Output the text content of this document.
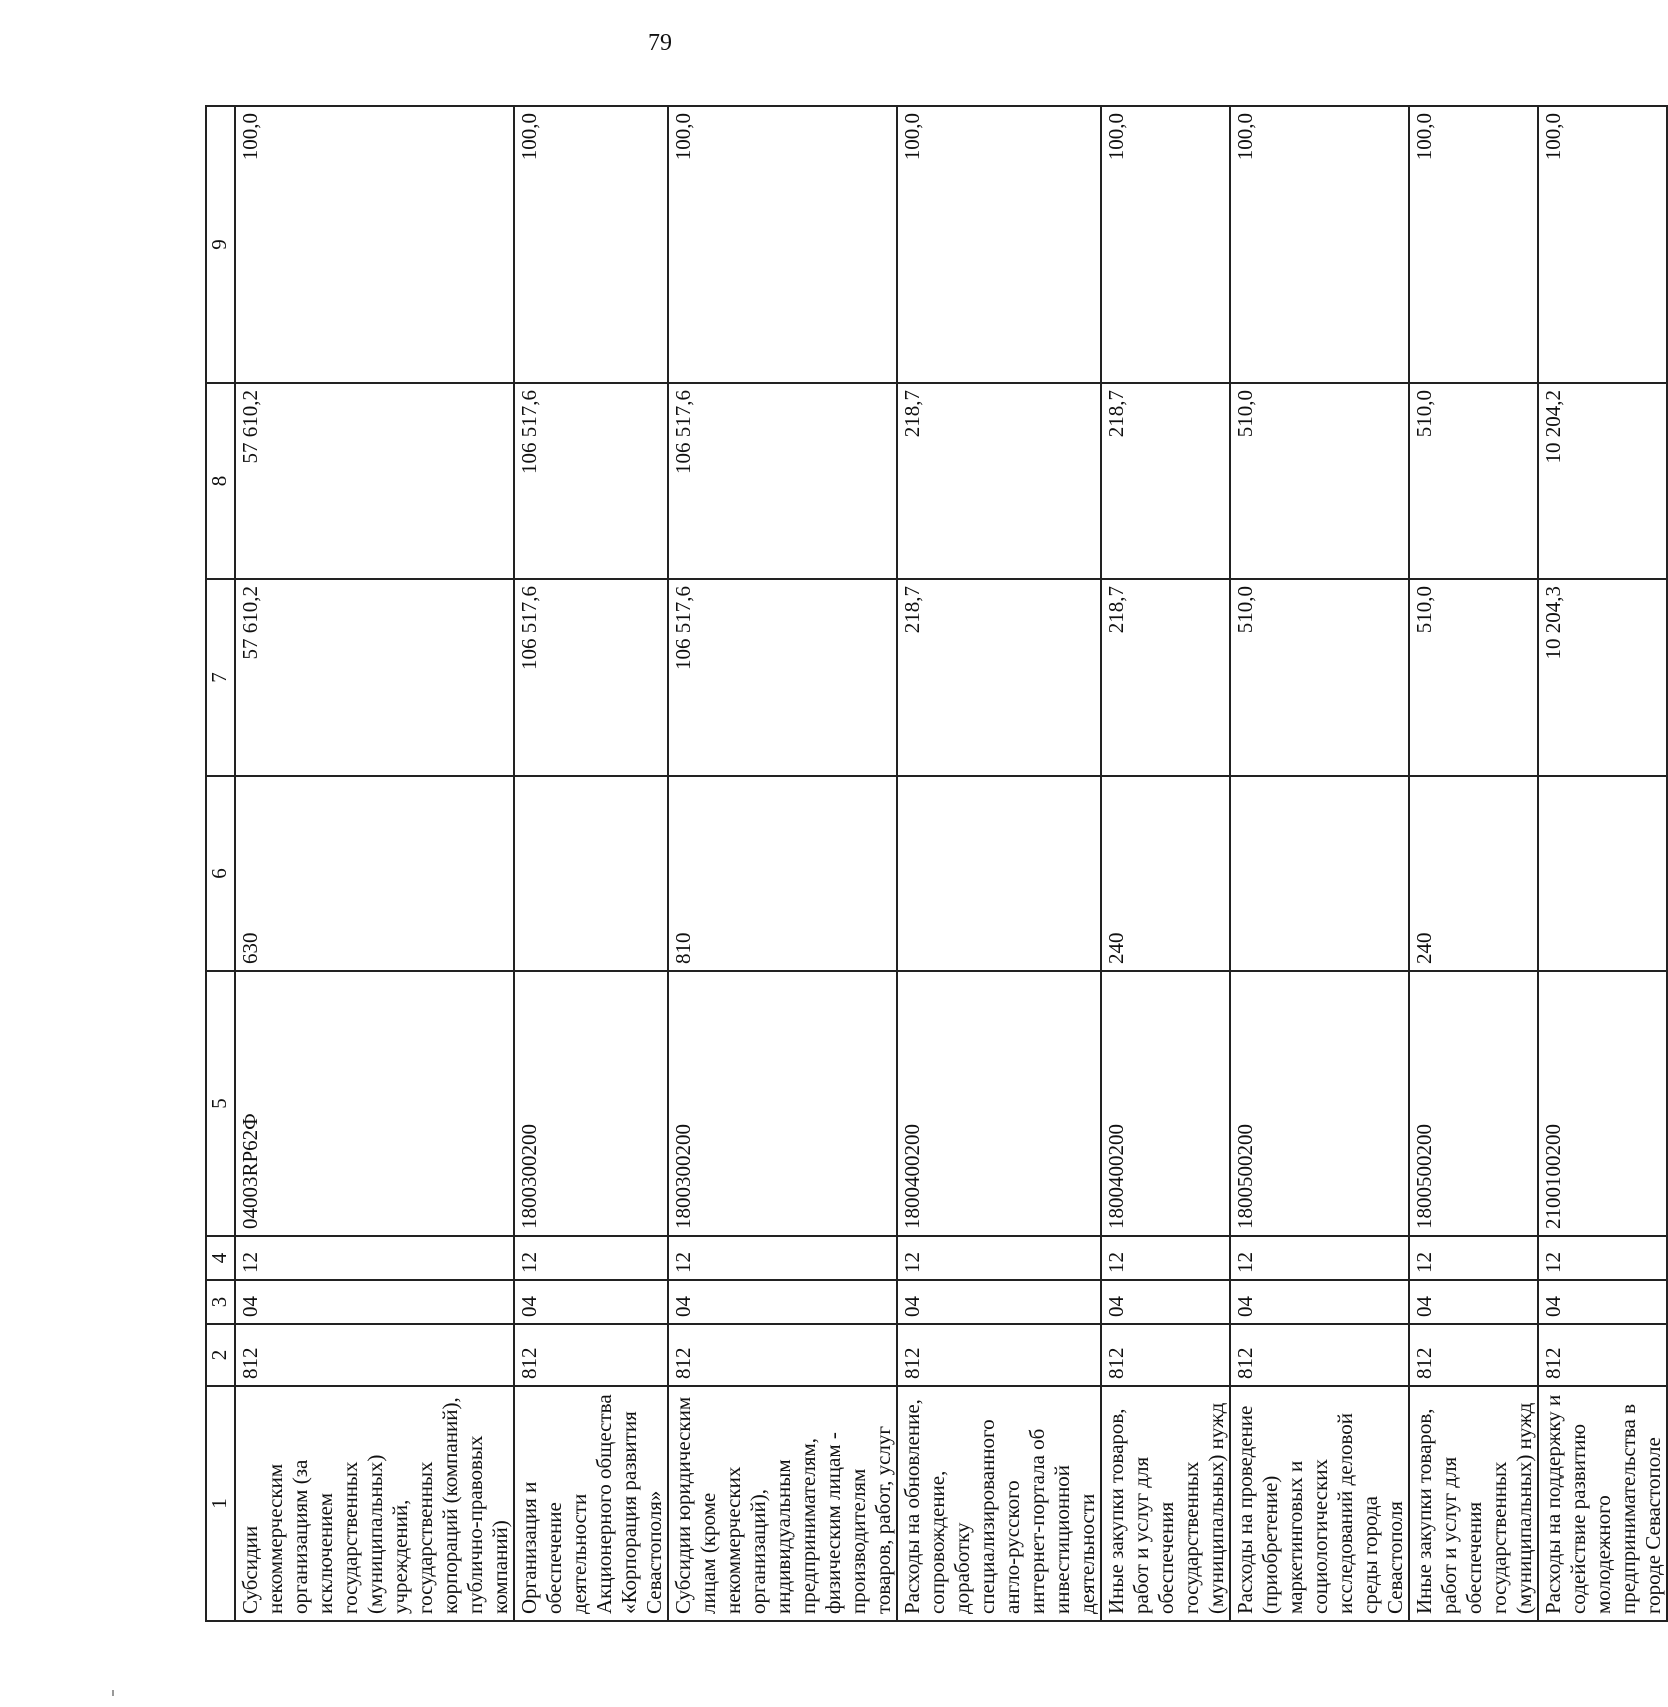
79
1	2	3	4	5	6	7	8	9
Субсидии некоммерческим организациям (за исключением государственных (муниципальных) учреждений, государственных корпораций (компаний), публично-правовых компаний)	812	04	12	04003RP62Ф	630	57 610,2	57 610,2	100,0
Организация и обеспечение деятельности Акционерного общества «Корпорация развития Севастополя»	812	04	12	1800300200		106 517,6	106 517,6	100,0
Субсидии юридическим лицам (кроме некоммерческих организаций), индивидуальным предпринимателям, физическим лицам - производителям товаров, работ, услуг	812	04	12	1800300200	810	106 517,6	106 517,6	100,0
Расходы на обновление, сопровождение, доработку специализированного англо-русского интернет-портала об инвестиционной деятельности	812	04	12	1800400200		218,7	218,7	100,0
Иные закупки товаров, работ и услуг для обеспечения государственных (муниципальных) нужд	812	04	12	1800400200	240	218,7	218,7	100,0
Расходы на проведение (приобретение) маркетинговых и социологических исследований деловой среды города Севастополя	812	04	12	1800500200		510,0	510,0	100,0
Иные закупки товаров, работ и услуг для обеспечения государственных (муниципальных) нужд	812	04	12	1800500200	240	510,0	510,0	100,0
Расходы на поддержку и содействие развитию молодежного предпринимательства в городе Севастополе	812	04	12	2100100200		10 204,3	10 204,2	100,0
